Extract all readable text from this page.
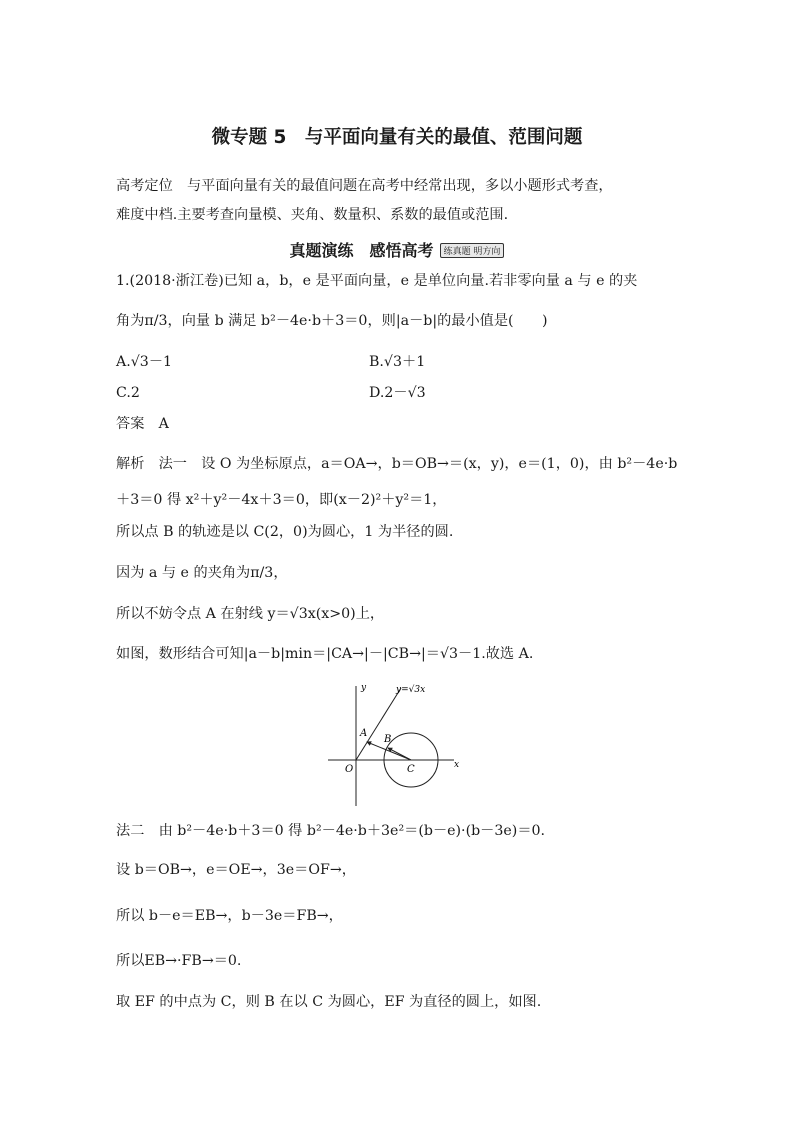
微专题 5　与平面向量有关的最值、范围问题
高考定位　与平面向量有关的最值问题在高考中经常出现，多以小题形式考查，
难度中档.主要考查向量模、夹角、数量积、系数的最值或范围.
真题演练　感悟高考 练真题 明方向
1.(2018·浙江卷)已知 a，b，e 是平面向量，e 是单位向量.若非零向量 a 与 e 的夹
角为π/3，向量 b 满足 b²－4e·b＋3＝0，则|a－b|的最小值是(　　)
A.√3－1	B.√3＋1
C.2	D.2－√3
答案　A
解析　法一　设 O 为坐标原点，a＝OA→，b＝OB→＝(x，y)，e＝(1，0)，由 b²－4e·b
＋3＝0 得 x²＋y²－4x＋3＝0，即(x－2)²＋y²＝1，
所以点 B 的轨迹是以 C(2，0)为圆心，1 为半径的圆.
因为 a 与 e 的夹角为π/3，
所以不妨令点 A 在射线 y＝√3x(x>0)上，
如图，数形结合可知|a－b|min＝|CA→|－|CB→|＝√3－1.故选 A.
y=√3x
y
x
A
B
C
O
法二　由 b²－4e·b＋3＝0 得 b²－4e·b＋3e²＝(b－e)·(b－3e)＝0.
设 b＝OB→，e＝OE→，3e＝OF→，
所以 b－e＝EB→，b－3e＝FB→，
所以EB→·FB→＝0.
取 EF 的中点为 C，则 B 在以 C 为圆心，EF 为直径的圆上，如图.
